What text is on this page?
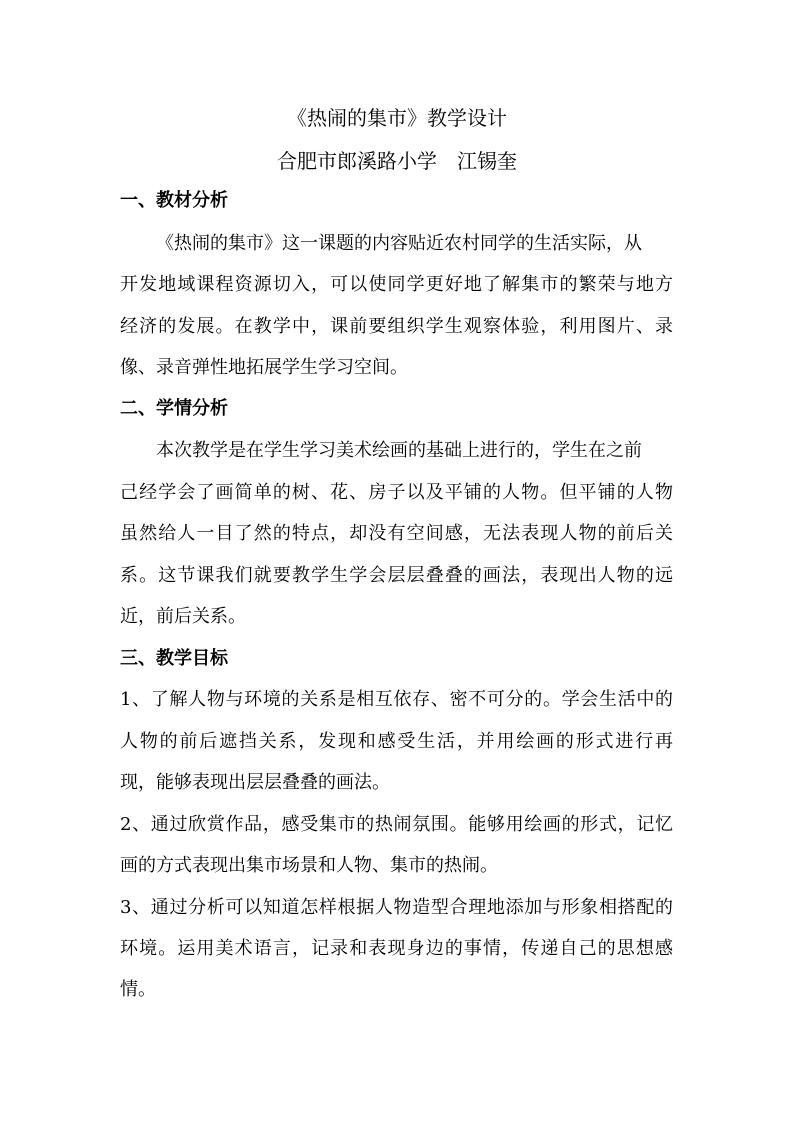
《热闹的集市》教学设计
合肥市郎溪路小学　江锡奎
一、教材分析
《热闹的集市》这一课题的内容贴近农村同学的生活实际，从
开发地域课程资源切入，可以使同学更好地了解集市的繁荣与地方
经济的发展。在教学中，课前要组织学生观察体验，利用图片、录
像、录音弹性地拓展学生学习空间。
二、学情分析
本次教学是在学生学习美术绘画的基础上进行的，学生在之前
己经学会了画简单的树、花、房子以及平铺的人物。但平铺的人物
虽然给人一目了然的特点，却没有空间感，无法表现人物的前后关
系。这节课我们就要教学生学会层层叠叠的画法，表现出人物的远
近，前后关系。
三、教学目标
1、了解人物与环境的关系是相互依存、密不可分的。学会生活中的
人物的前后遮挡关系，发现和感受生活，并用绘画的形式进行再
现，能够表现出层层叠叠的画法。
2、通过欣赏作品，感受集市的热闹氛围。能够用绘画的形式，记忆
画的方式表现出集市场景和人物、集市的热闹。
3、通过分析可以知道怎样根据人物造型合理地添加与形象相搭配的
环境。运用美术语言，记录和表现身边的事情，传递自己的思想感
情。
